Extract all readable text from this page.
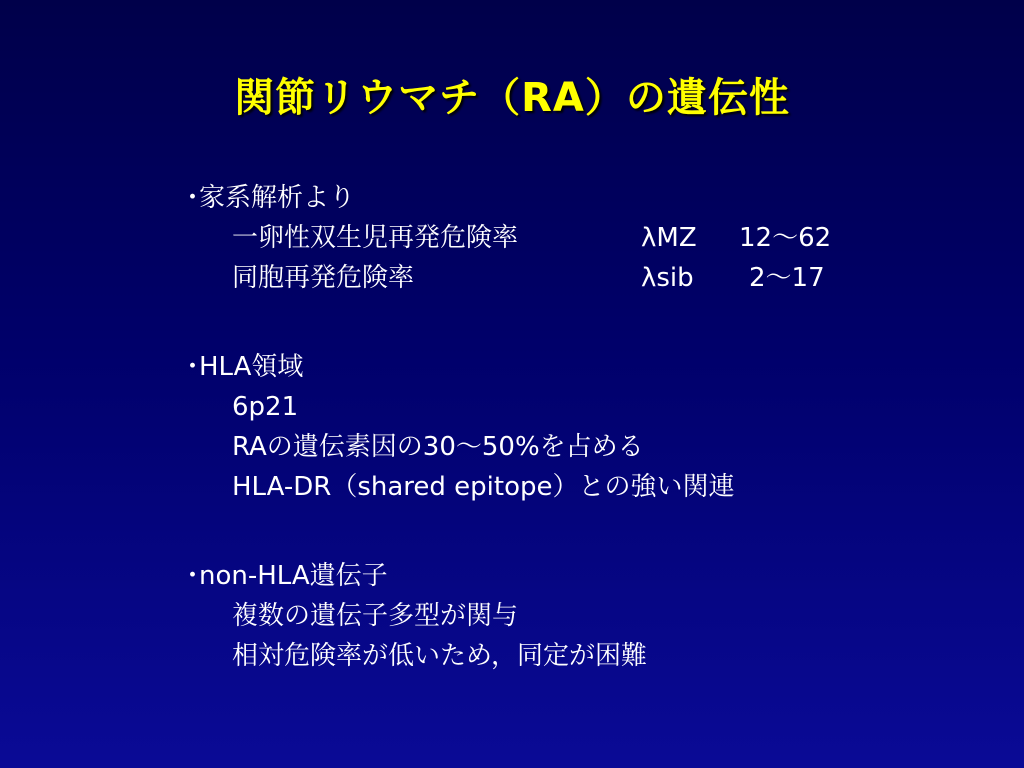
関節リウマチ（RA）の遺伝性
･家系解析より
一卵性双生児再発危険率	λMZ 12～62
同胞再発危険率	λsib 2～17
･HLA領域
6p21
RAの遺伝素因の30～50%を占める
HLA-DR（shared epitope）との強い関連
･non-HLA遺伝子
複数の遺伝子多型が関与
相対危険率が低いため，同定が困難
